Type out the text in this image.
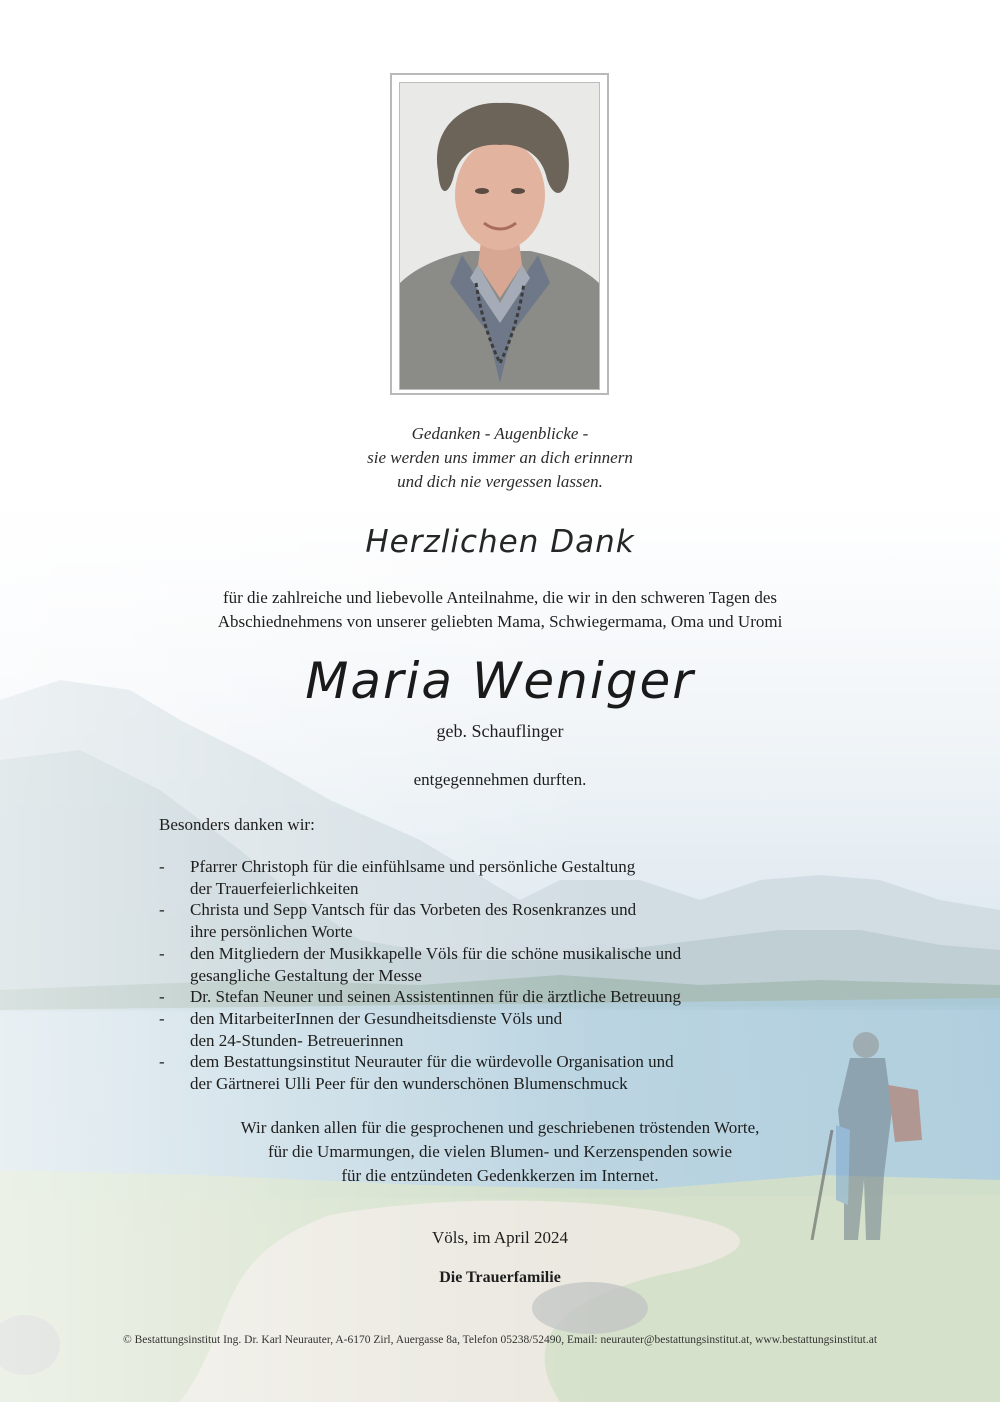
Gedanken - Augenblicke -
sie werden uns immer an dich erinnern
und dich nie vergessen lassen.
Herzlichen Dank
für die zahlreiche und liebevolle Anteilnahme, die wir in den schweren Tagen des
Abschiednehmens von unserer geliebten Mama, Schwiegermama, Oma und Uromi
Maria Weniger
geb. Schauflinger
entgegennehmen durften.
Besonders danken wir:
- Pfarrer Christoph für die einfühlsame und persönliche Gestaltung
der Trauerfeierlichkeiten
- Christa und Sepp Vantsch für das Vorbeten des Rosenkranzes und
ihre persönlichen Worte
- den Mitgliedern der Musikkapelle Völs für die schöne musikalische und
gesangliche Gestaltung der Messe
- Dr. Stefan Neuner und seinen Assistentinnen für die ärztliche Betreuung
- den MitarbeiterInnen der Gesundheitsdienste Völs und
den 24-Stunden- Betreuerinnen
- dem Bestattungsinstitut Neurauter für die würdevolle Organisation und
der Gärtnerei Ulli Peer für den wunderschönen Blumenschmuck
Wir danken allen für die gesprochenen und geschriebenen tröstenden Worte,
für die Umarmungen, die vielen Blumen- und Kerzenspenden sowie
für die entzündeten Gedenkkerzen im Internet.
Völs, im April 2024
Die Trauerfamilie
© Bestattungsinstitut Ing. Dr. Karl Neurauter, A-6170 Zirl, Auergasse 8a, Telefon 05238/52490, Email: neurauter@bestattungsinstitut.at, www.bestattungsinstitut.at
